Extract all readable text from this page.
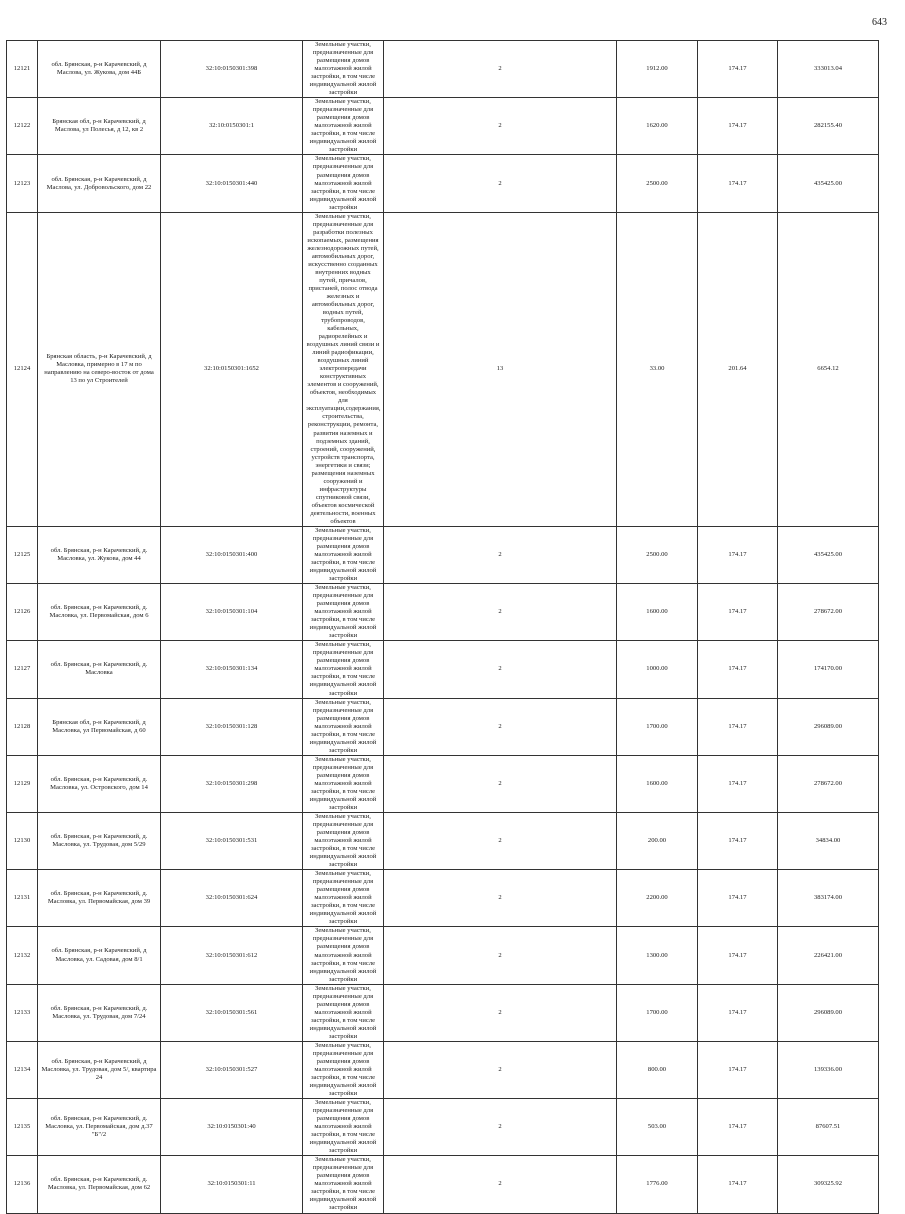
643
12121	обл. Брянская, р-н Карачевский, д Маслова, ул. Жукова, дом 44Б	32:10:0150301:398	Земельные участки, предназначенные для размещения домов малоэтажной жилой застройки, в том числе индивидуальной жилой застройки	2	1912.00	174.17	333013.04
12122	Брянская обл, р-н Карачевский, д Маслова, ул Полесья, д 12, кв 2	32:10:0150301:1	Земельные участки, предназначенные для размещения домов малоэтажной жилой застройки, в том числе индивидуальной жилой застройки	2	1620.00	174.17	282155.40
12123	обл. Брянская, р-н Карачевский, д Маслова, ул. Добровольского, дом 22	32:10:0150301:440	Земельные участки, предназначенные для размещения домов малоэтажной жилой застройки, в том числе индивидуальной жилой застройки	2	2500.00	174.17	435425.00
12124	Брянская область, р-н Карачевский, д Масловка, примерно в 17 м по направлению на северо-восток от дома 13 по ул Строителей	32:10:0150301:1652	Земельные участки, предназначенные для разработки полезных ископаемых, размещения железнодорожных путей, автомобильных дорог, искусственно созданных внутренних водных путей, причалов, пристаней, полос отвода железных и автомобильных дорог, водных путей, трубопроводов, кабельных, радиорелейных и воздушных линий связи и линий радиофикации, воздушных линий электропередачи конструктивных элементов и сооружений, объектов, необходимых для эксплуатации,содержания, строительства, реконструкции, ремонта, развития наземных и подземных зданий, строений, сооружений, устройств транспорта, энергетики и связи; размещения наземных сооружений и инфраструктуры спутниковой связи, объектов космической деятельности, военных объектов	13	33.00	201.64	6654.12
12125	обл. Брянская, р-н Карачевский, д. Масловка, ул. Жукова, дом 44	32:10:0150301:400	Земельные участки, предназначенные для размещения домов малоэтажной жилой застройки, в том числе индивидуальной жилой застройки	2	2500.00	174.17	435425.00
12126	обл. Брянская, р-н Карачевский, д. Масловка, ул. Первомайская, дом 6	32:10:0150301:104	Земельные участки, предназначенные для размещения домов малоэтажной жилой застройки, в том числе индивидуальной жилой застройки	2	1600.00	174.17	278672.00
12127	обл. Брянская, р-н Карачевский, д. Масловка	32:10:0150301:134	Земельные участки, предназначенные для размещения домов малоэтажной жилой застройки, в том числе индивидуальной жилой застройки	2	1000.00	174.17	174170.00
12128	Брянская обл, р-н Карачевский, д Масловка, ул Первомайская, д 60	32:10:0150301:128	Земельные участки, предназначенные для размещения домов малоэтажной жилой застройки, в том числе индивидуальной жилой застройки	2	1700.00	174.17	296089.00
12129	обл. Брянская, р-н Карачевский, д. Масловка, ул. Островского, дом 14	32:10:0150301:298	Земельные участки, предназначенные для размещения домов малоэтажной жилой застройки, в том числе индивидуальной жилой застройки	2	1600.00	174.17	278672.00
12130	обл. Брянская, р-н Карачевский, д. Масловка, ул. Трудовая, дом 5/29	32:10:0150301:531	Земельные участки, предназначенные для размещения домов малоэтажной жилой застройки, в том числе индивидуальной жилой застройки	2	200.00	174.17	34834.00
12131	обл. Брянская, р-н Карачевский, д. Масловка, ул. Первомайская, дом 39	32:10:0150301:624	Земельные участки, предназначенные для размещения домов малоэтажной жилой застройки, в том числе индивидуальной жилой застройки	2	2200.00	174.17	383174.00
12132	обл. Брянская, р-н Карачевский, д Масловка, ул. Садовая, дом 8/1	32:10:0150301:612	Земельные участки, предназначенные для размещения домов малоэтажной жилой застройки, в том числе индивидуальной жилой застройки	2	1300.00	174.17	226421.00
12133	обл. Брянская, р-н Карачевский, д. Масловка, ул. Трудовая, дом 7/24	32:10:0150301:561	Земельные участки, предназначенные для размещения домов малоэтажной жилой застройки, в том числе индивидуальной жилой застройки	2	1700.00	174.17	296089.00
12134	обл. Брянская, р-н Карачевский, д Масловка, ул. Трудовая, дом 5/, квартира 24	32:10:0150301:527	Земельные участки, предназначенные для размещения домов малоэтажной жилой застройки, в том числе индивидуальной жилой застройки	2	800.00	174.17	139336.00
12135	обл. Брянская, р-н Карачевский, д. Масловка, ул. Первомайская, дом д.37 "Б"/2	32:10:0150301:40	Земельные участки, предназначенные для размещения домов малоэтажной жилой застройки, в том числе индивидуальной жилой застройки	2	503.00	174.17	87607.51
12136	обл. Брянская, р-н Карачевский, д. Масловка, ул. Первомайская, дом 62	32:10:0150301:11	Земельные участки, предназначенные для размещения домов малоэтажной жилой застройки, в том числе индивидуальной жилой застройки	2	1776.00	174.17	309325.92
